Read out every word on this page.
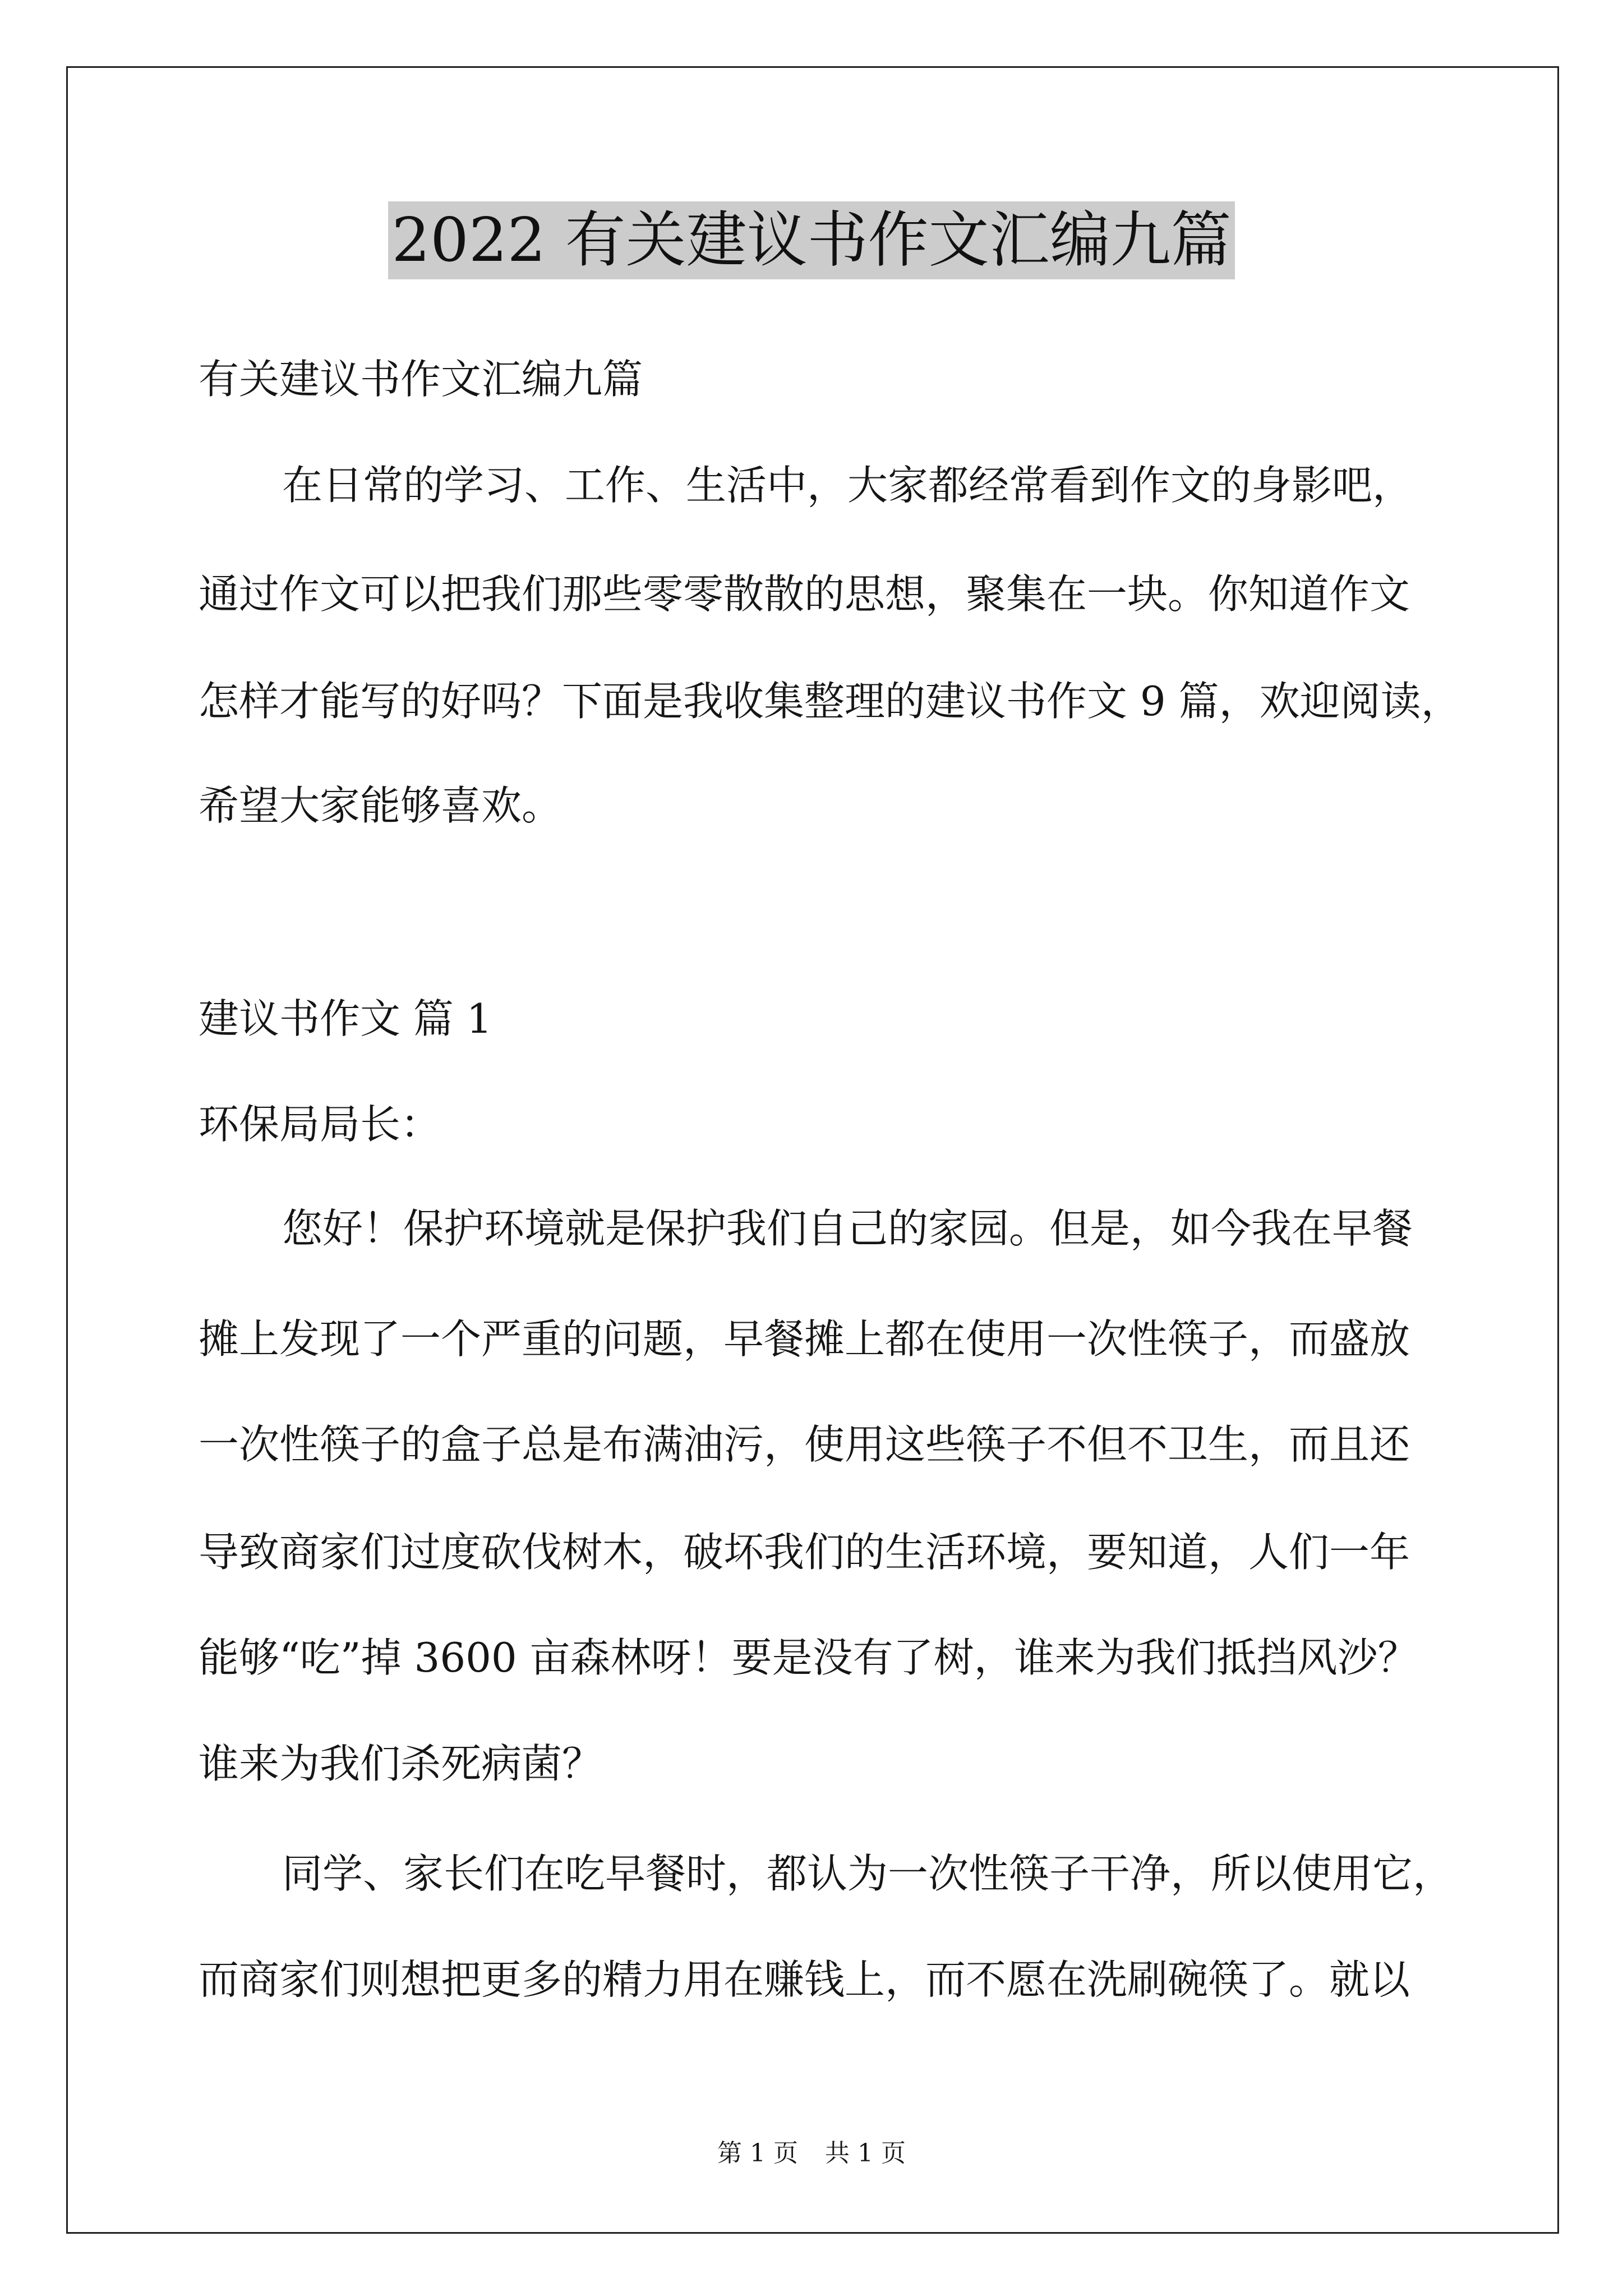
2022 有关建议书作文汇编九篇
有关建议书作文汇编九篇
在日常的学习、工作、生活中，大家都经常看到作文的身影吧，
通过作文可以把我们那些零零散散的思想，聚集在一块。你知道作文
怎样才能写的好吗？下面是我收集整理的建议书作文 9 篇，欢迎阅读，
希望大家能够喜欢。
建议书作文 篇 1
环保局局长：
您好！保护环境就是保护我们自己的家园。但是，如今我在早餐
摊上发现了一个严重的问题，早餐摊上都在使用一次性筷子，而盛放
一次性筷子的盒子总是布满油污，使用这些筷子不但不卫生，而且还
导致商家们过度砍伐树木，破坏我们的生活环境，要知道，人们一年
能够“吃”掉 3600 亩森林呀！要是没有了树，谁来为我们抵挡风沙？
谁来为我们杀死病菌？
同学、家长们在吃早餐时，都认为一次性筷子干净，所以使用它，
而商家们则想把更多的精力用在赚钱上，而不愿在洗刷碗筷了。就以
第 1 页 共 1 页
